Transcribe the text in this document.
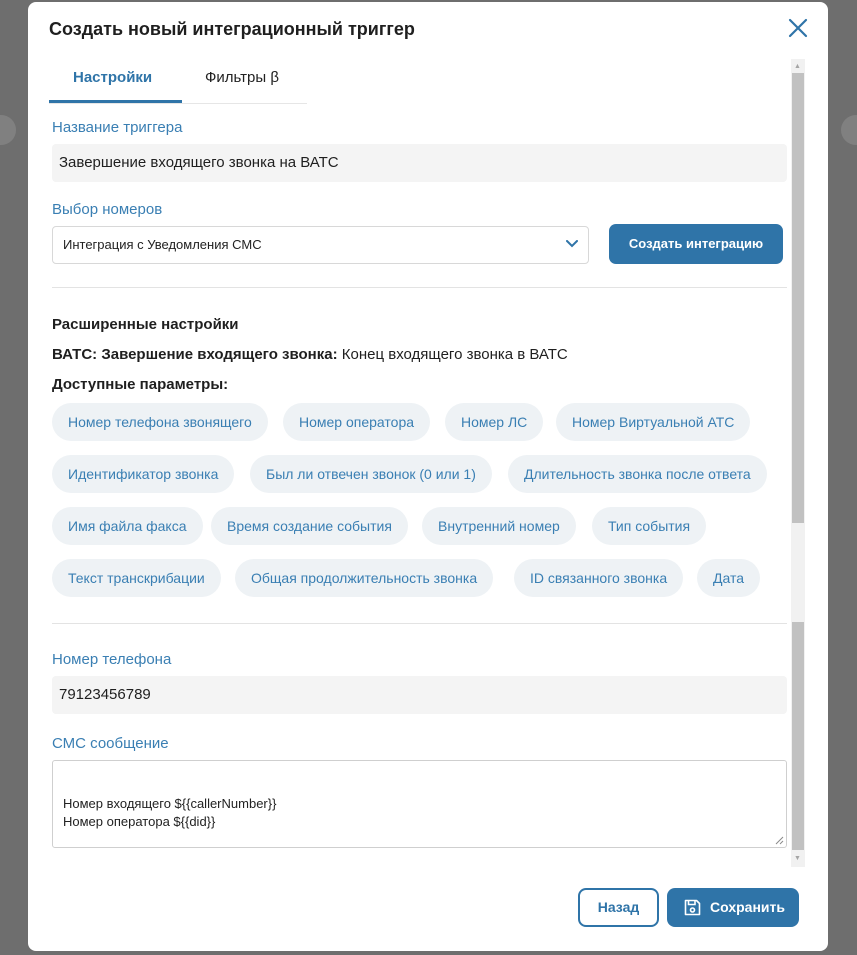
Создать новый интеграционный триггер
Настройки	Фильтры β
Название триггера
Завершение входящего звонка на ВАТС
Выбор номеров
Интеграция с Уведомления СМС	Создать интеграцию
Расширенные настройки
ВАТС: Завершение входящего звонка: Конец входящего звонка в ВАТС
Доступные параметры:
Номер телефона звонящего	Номер оператора	Номер ЛС	Номер Виртуальной АТС
Идентификатор звонка	Был ли отвечен звонок (0 или 1)	Длительность звонка после ответа
Имя файла факса	Время создание события	Внутренний номер	Тип события
Текст транскрибации	Общая продолжительность звонка	ID связанного звонка	Дата
Номер телефона
79123456789
СМС сообщение

Номер входящего ${{callerNumber}}
Номер оператора ${{did}}

▲
▼
Назад	Сохранить
